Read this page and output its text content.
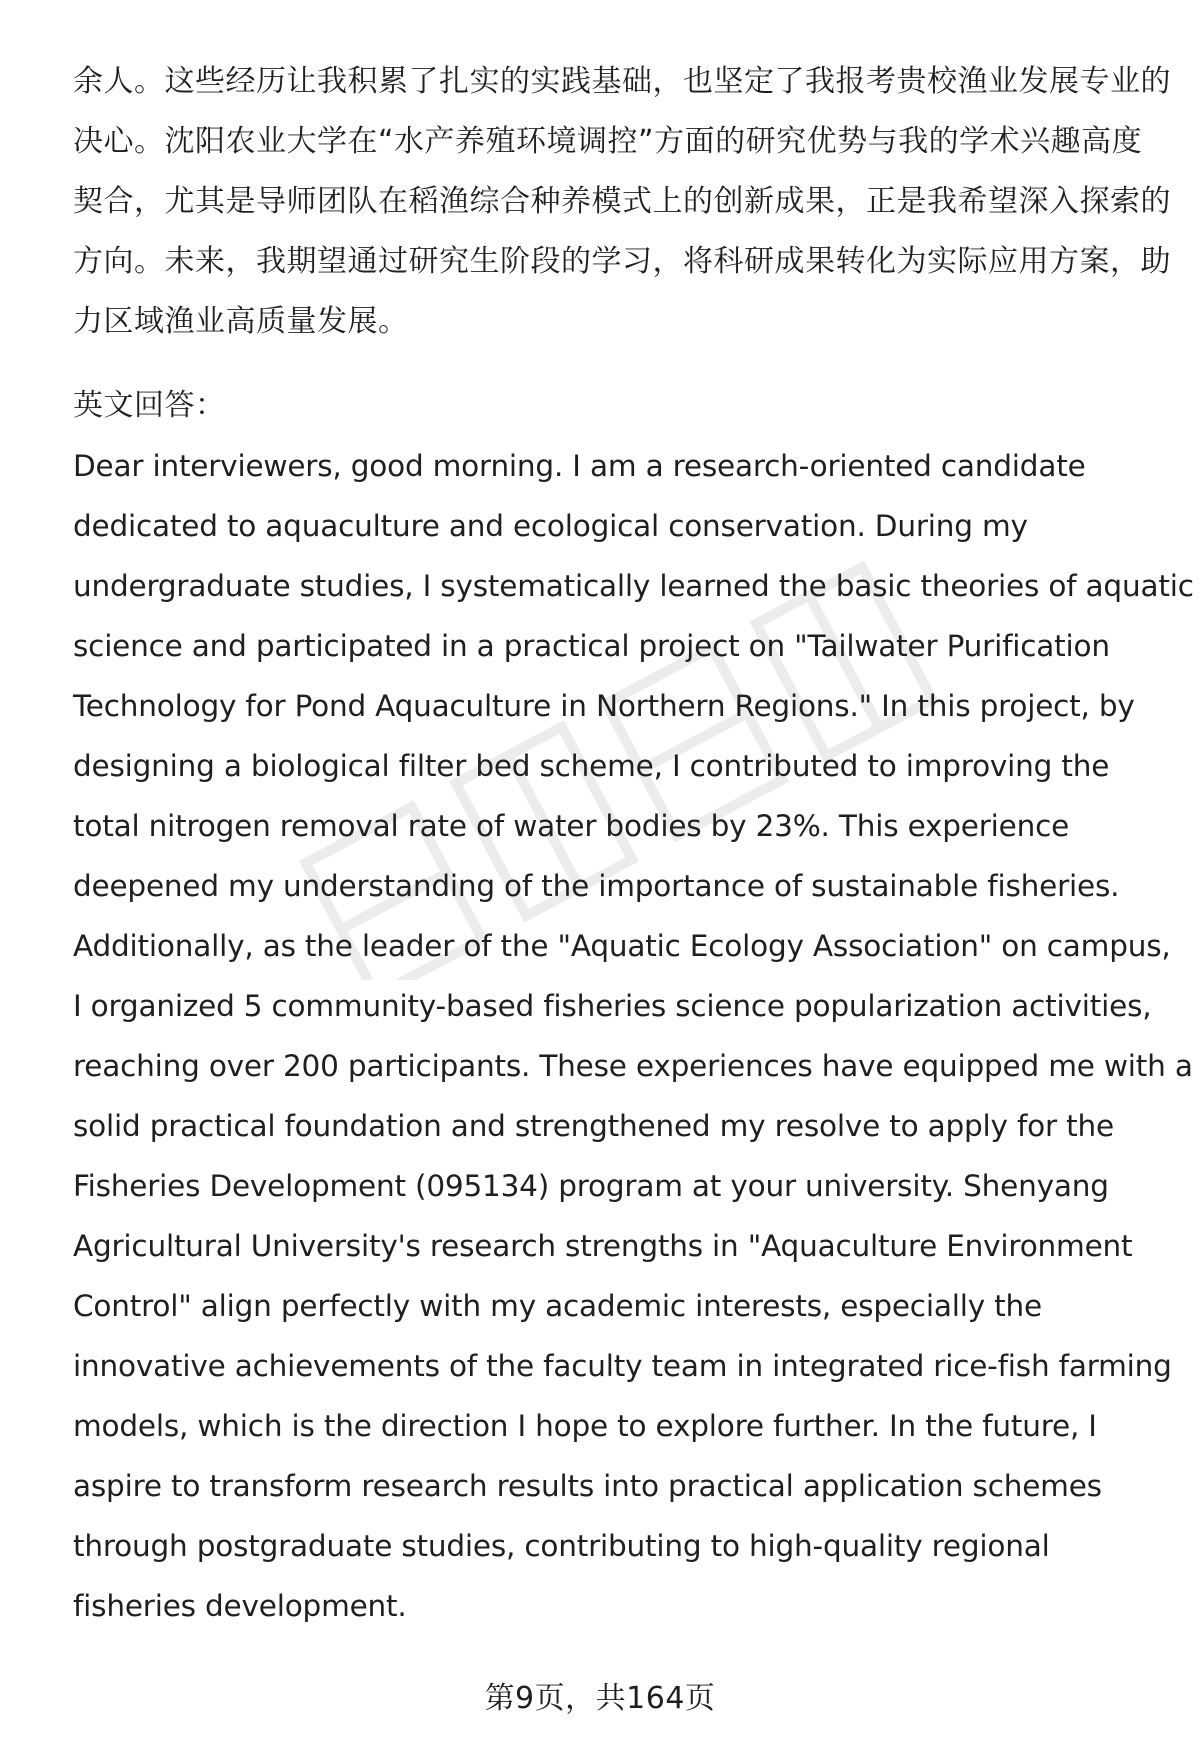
余人。这些经历让我积累了扎实的实践基础，也坚定了我报考贵校渔业发展专业的
决心。沈阳农业大学在“水产养殖环境调控”方面的研究优势与我的学术兴趣高度
契合，尤其是导师团队在稻渔综合种养模式上的创新成果，正是我希望深入探索的
方向。未来，我期望通过研究生阶段的学习，将科研成果转化为实际应用方案，助
力区域渔业高质量发展。
英文回答：
Dear interviewers, good morning. I am a research-oriented candidate
dedicated to aquaculture and ecological conservation. During my
undergraduate studies, I systematically learned the basic theories of aquatic
science and participated in a practical project on "Tailwater Purification
Technology for Pond Aquaculture in Northern Regions." In this project, by
designing a biological filter bed scheme, I contributed to improving the
total nitrogen removal rate of water bodies by 23%. This experience
deepened my understanding of the importance of sustainable fisheries.
Additionally, as the leader of the "Aquatic Ecology Association" on campus,
I organized 5 community-based fisheries science popularization activities,
reaching over 200 participants. These experiences have equipped me with a
solid practical foundation and strengthened my resolve to apply for the
Fisheries Development (095134) program at your university. Shenyang
Agricultural University's research strengths in "Aquaculture Environment
Control" align perfectly with my academic interests, especially the
innovative achievements of the faculty team in integrated rice-fish farming
models, which is the direction I hope to explore further. In the future, I
aspire to transform research results into practical application schemes
through postgraduate studies, contributing to high-quality regional
fisheries development.
第9页，共164页
